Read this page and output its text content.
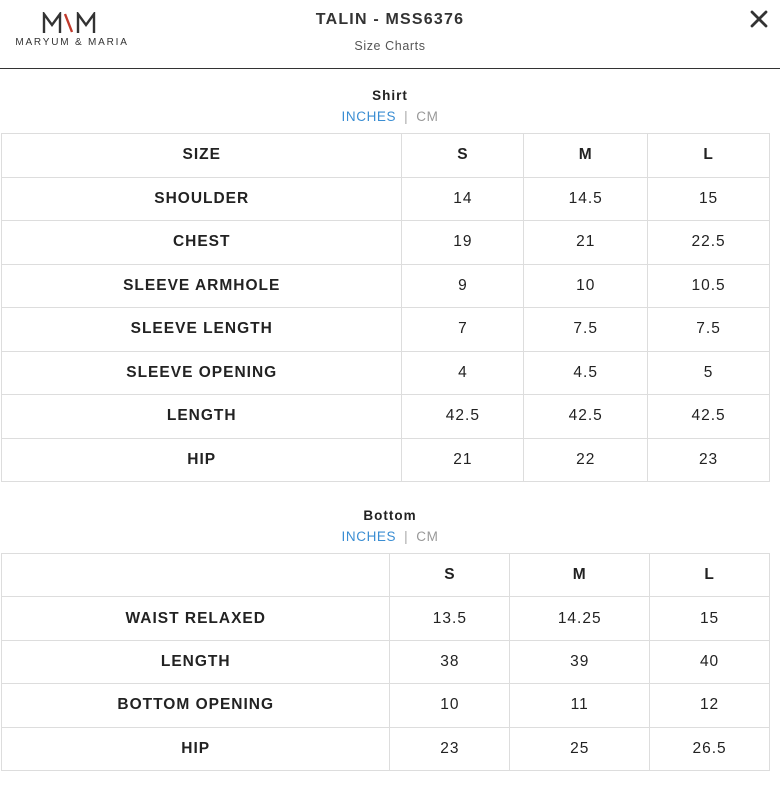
MARYUM & MARIA
TALIN - MSS6376
Size Charts
Shirt
INCHES | CM
SIZE	S	M	L
SHOULDER	14	14.5	15
CHEST	19	21	22.5
SLEEVE ARMHOLE	9	10	10.5
SLEEVE LENGTH	7	7.5	7.5
SLEEVE OPENING	4	4.5	5
LENGTH	42.5	42.5	42.5
HIP	21	22	23
Bottom
INCHES | CM
	S	M	L
WAIST RELAXED	13.5	14.25	15
LENGTH	38	39	40
BOTTOM OPENING	10	11	12
HIP	23	25	26.5
